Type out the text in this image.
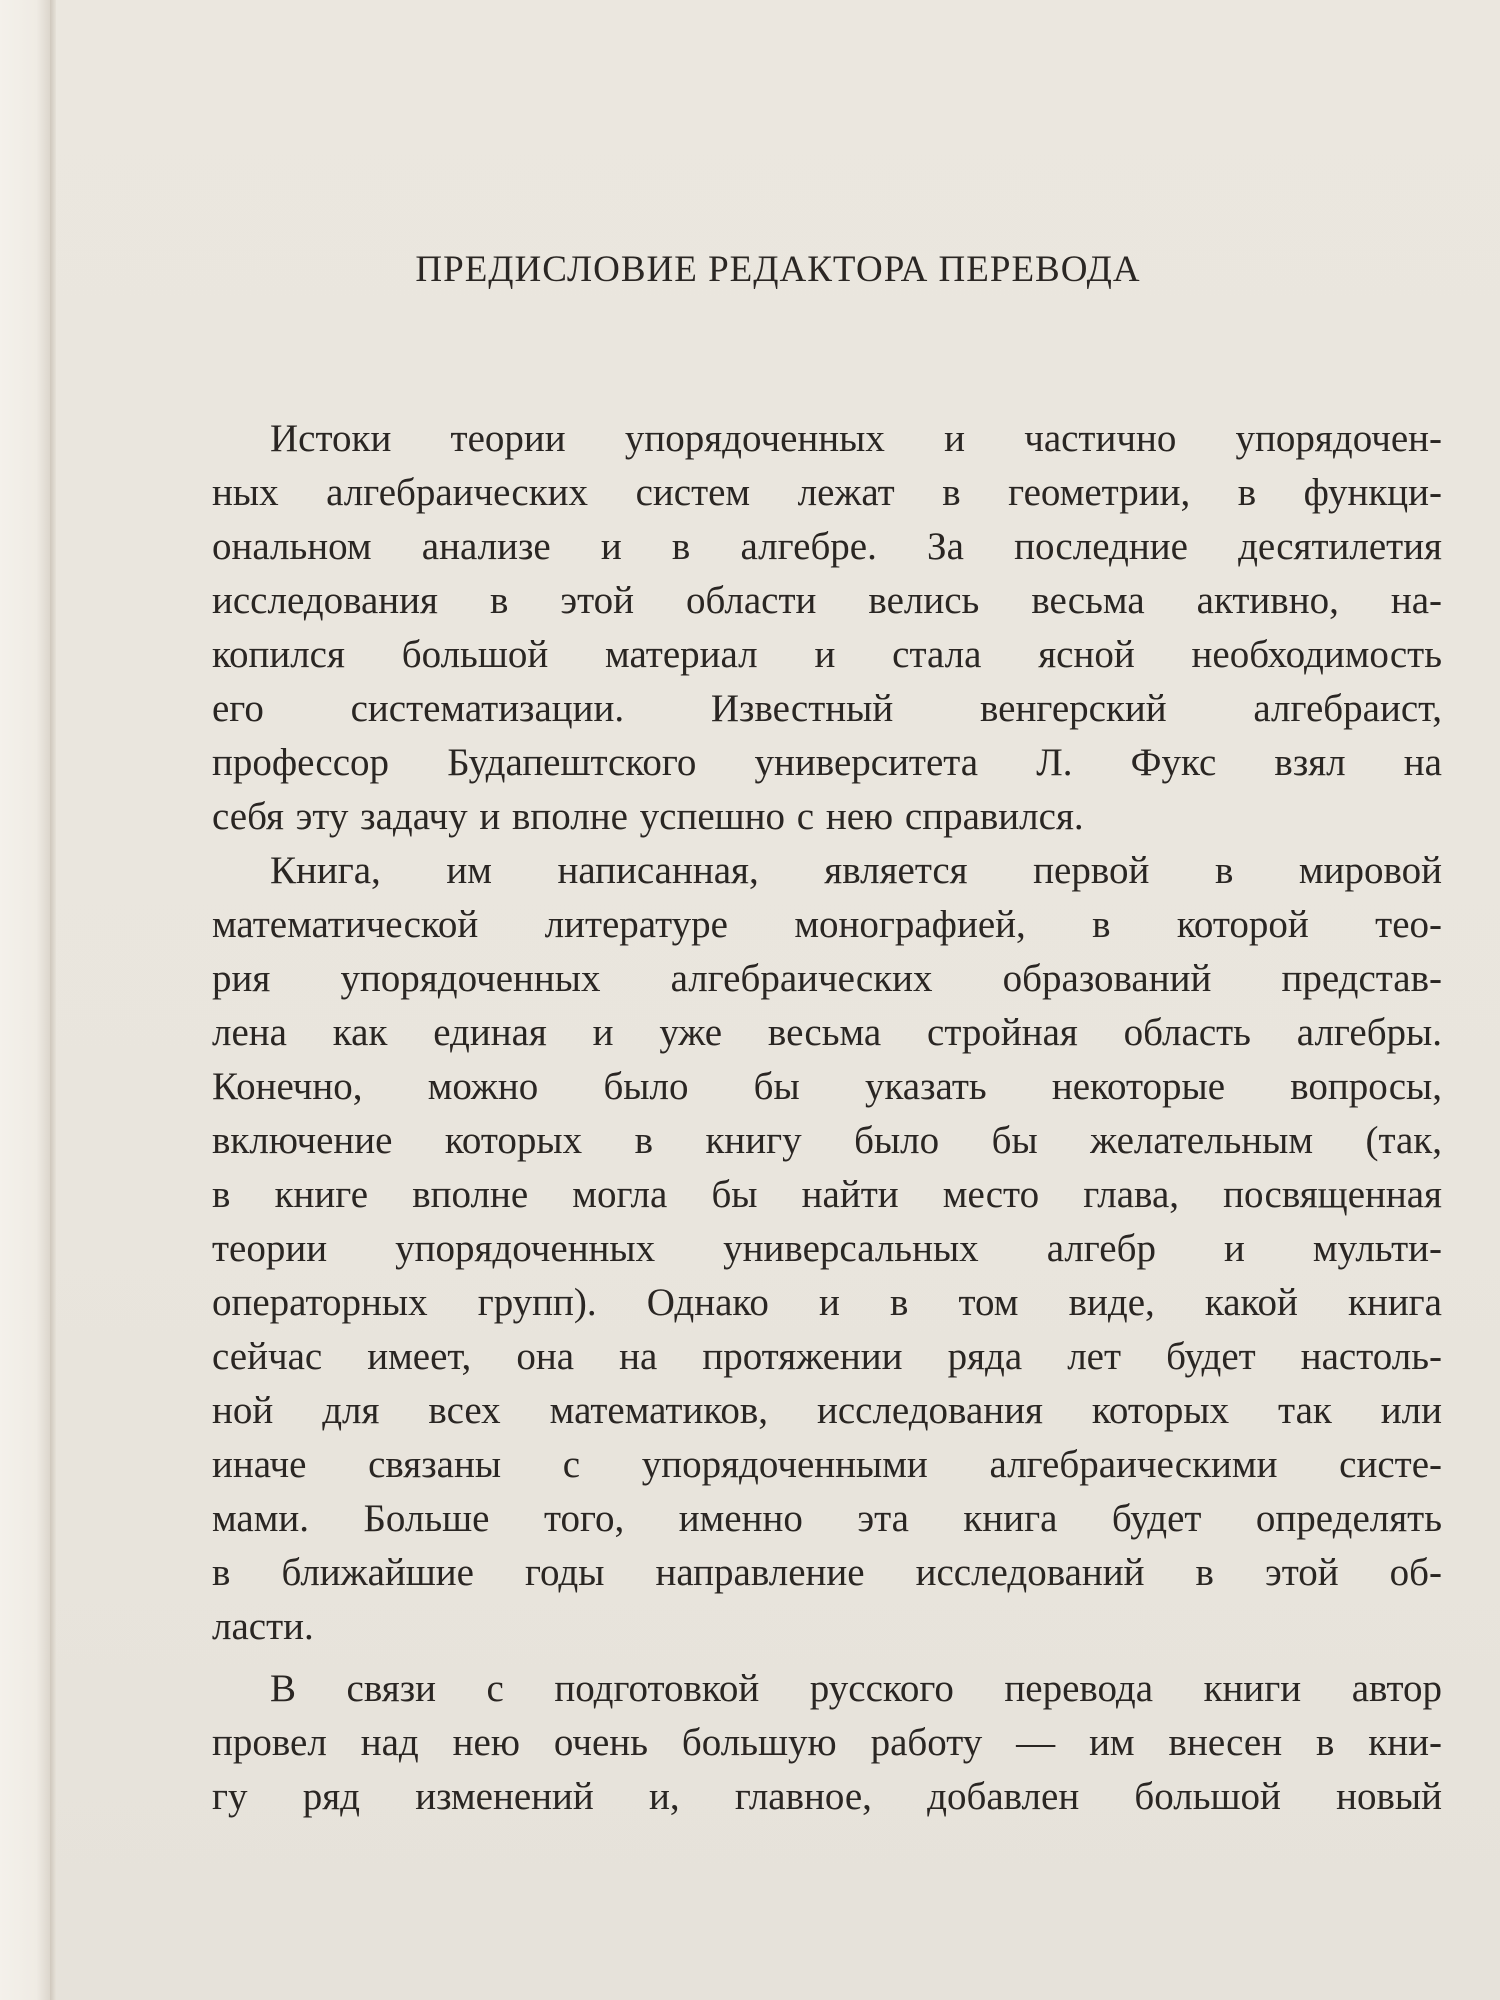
ПРЕДИСЛОВИЕ РЕДАКТОРА ПЕРЕВОДА
Истоки теории упорядоченных и частично упорядочен-
ных алгебраических систем лежат в геометрии, в функци-
ональном анализе и в алгебре. За последние десятилетия
исследования в этой области велись весьма активно, на-
копился большой материал и стала ясной необходимость
его систематизации. Известный венгерский алгебраист,
профессор Будапештского университета Л. Фукс взял на
себя эту задачу и вполне успешно с нею справился.
Книга, им написанная, является первой в мировой
математической литературе монографией, в которой тео-
рия упорядоченных алгебраических образований представ-
лена как единая и уже весьма стройная область алгебры.
Конечно, можно было бы указать некоторые вопросы,
включение которых в книгу было бы желательным (так,
в книге вполне могла бы найти место глава, посвященная
теории упорядоченных универсальных алгебр и мульти-
операторных групп). Однако и в том виде, какой книга
сейчас имеет, она на протяжении ряда лет будет настоль-
ной для всех математиков, исследования которых так или
иначе связаны с упорядоченными алгебраическими систе-
мами. Больше того, именно эта книга будет определять
в ближайшие годы направление исследований в этой об-
ласти.
В связи с подготовкой русского перевода книги автор
провел над нею очень большую работу — им внесен в кни-
гу ряд изменений и, главное, добавлен большой новый
